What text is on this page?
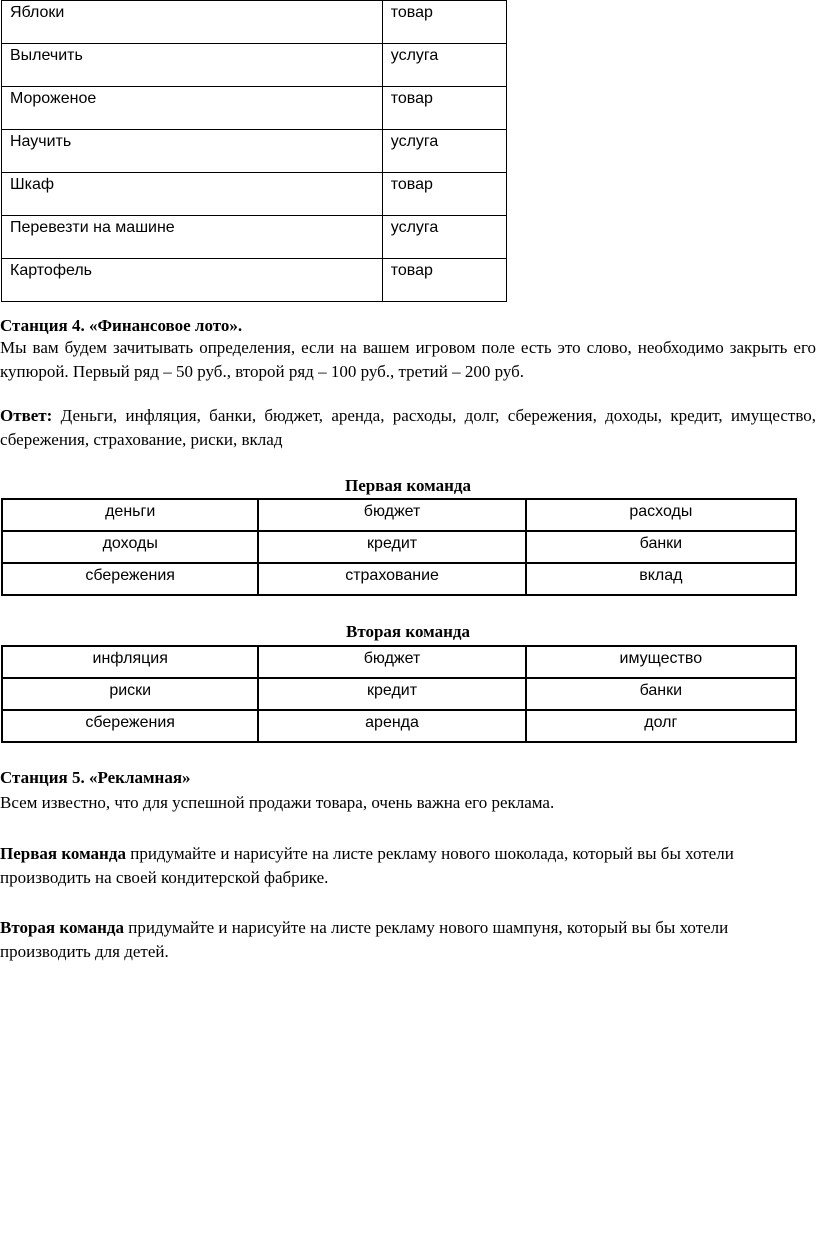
Яблоки	товар
Вылечить	услуга
Мороженое	товар
Научить	услуга
Шкаф	товар
Перевезти на машине	услуга
Картофель	товар
Станция 4. «Финансовое лото».
Мы вам будем зачитывать определения, если на вашем игровом поле есть это слово, необходимо закрыть его купюрой. Первый ряд – 50 руб., второй ряд – 100 руб., третий – 200 руб.
Ответ: Деньги, инфляция, банки, бюджет, аренда, расходы, долг, сбережения, доходы, кредит, имущество, сбережения, страхование, риски, вклад
Первая команда
деньги	бюджет	расходы
доходы	кредит	банки
сбережения	страхование	вклад
Вторая команда
инфляция	бюджет	имущество
риски	кредит	банки
сбережения	аренда	долг
Станция 5. «Рекламная»
Всем известно, что для успешной продажи товара, очень важна его реклама.
Первая команда придумайте и нарисуйте на листе рекламу нового шоколада, который вы бы хотели производить на своей кондитерской фабрике.
Вторая команда придумайте и нарисуйте на листе рекламу нового шампуня, который вы бы хотели производить для детей.
